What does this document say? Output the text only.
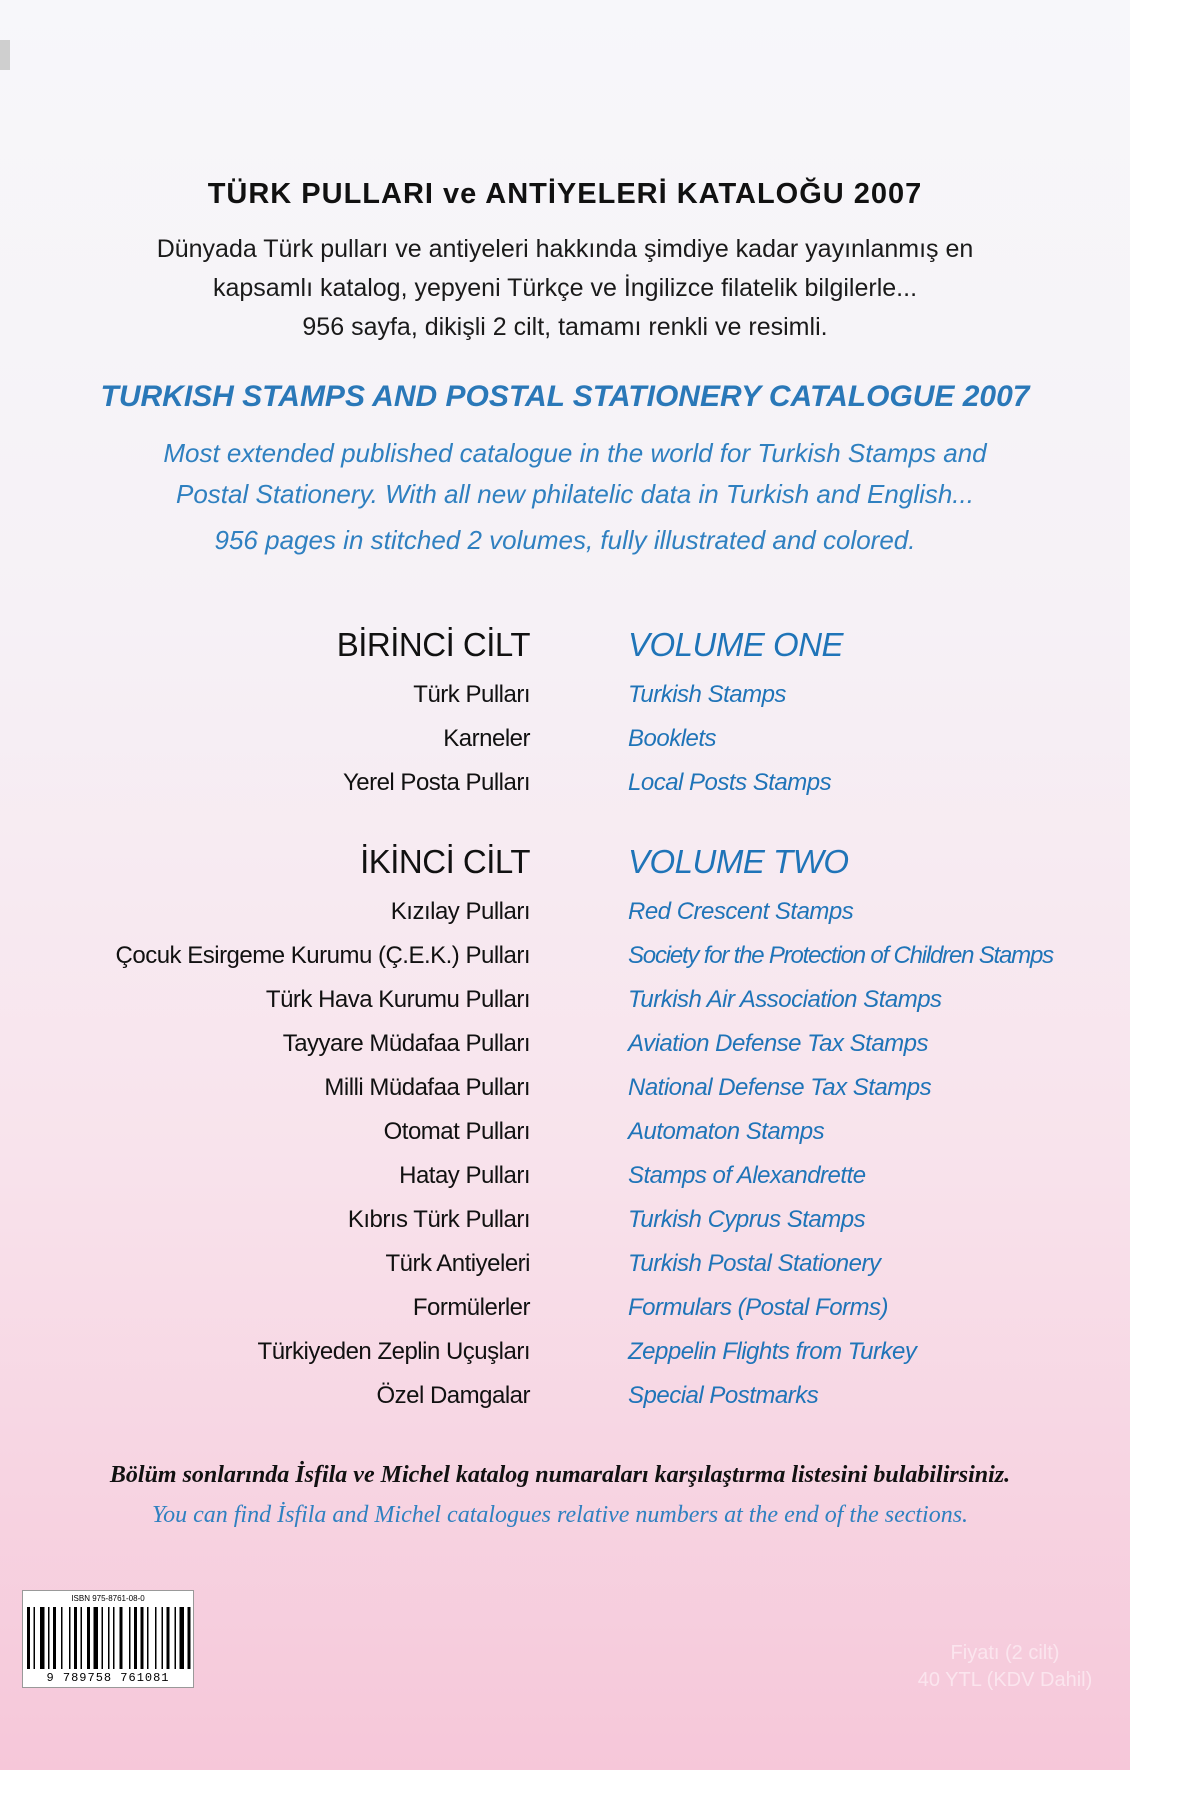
TÜRK PULLARI ve ANTİYELERİ KATALOĞU 2007
Dünyada Türk pulları ve antiyeleri hakkında şimdiye kadar yayınlanmış en
kapsamlı katalog, yepyeni Türkçe ve İngilizce filatelik bilgilerle...
956 sayfa, dikişli 2 cilt, tamamı renkli ve resimli.
TURKISH STAMPS AND POSTAL STATIONERY CATALOGUE 2007
Most extended published catalogue in the world for Turkish Stamps and
Postal Stationery. With all new philatelic data in Turkish and English...
956 pages in stitched 2 volumes, fully illustrated and colored.
BİRİNCİ CİLT	VOLUME ONE
Türk Pulları	Turkish Stamps
Karneler	Booklets
Yerel Posta Pulları	Local Posts Stamps
İKİNCİ CİLT	VOLUME TWO
Kızılay Pulları	Red Crescent Stamps
Çocuk Esirgeme Kurumu (Ç.E.K.) Pulları	Society for the Protection of Children Stamps
Türk Hava Kurumu Pulları	Turkish Air Association Stamps
Tayyare Müdafaa Pulları	Aviation Defense Tax Stamps
Milli Müdafaa Pulları	National Defense Tax Stamps
Otomat Pulları	Automaton Stamps
Hatay Pulları	Stamps of Alexandrette
Kıbrıs Türk Pulları	Turkish Cyprus Stamps
Türk Antiyeleri	Turkish Postal Stationery
Formülerler	Formulars (Postal Forms)
Türkiyeden Zeplin Uçuşları	Zeppelin Flights from Turkey
Özel Damgalar	Special Postmarks
Bölüm sonlarında İsfila ve Michel katalog numaraları karşılaştırma listesini bulabilirsiniz.
You can find İsfila and Michel catalogues relative numbers at the end of the sections.
ISBN 975-8761-08-0
9 789758 761081
Fiyatı (2 cilt)
40 YTL (KDV Dahil)
